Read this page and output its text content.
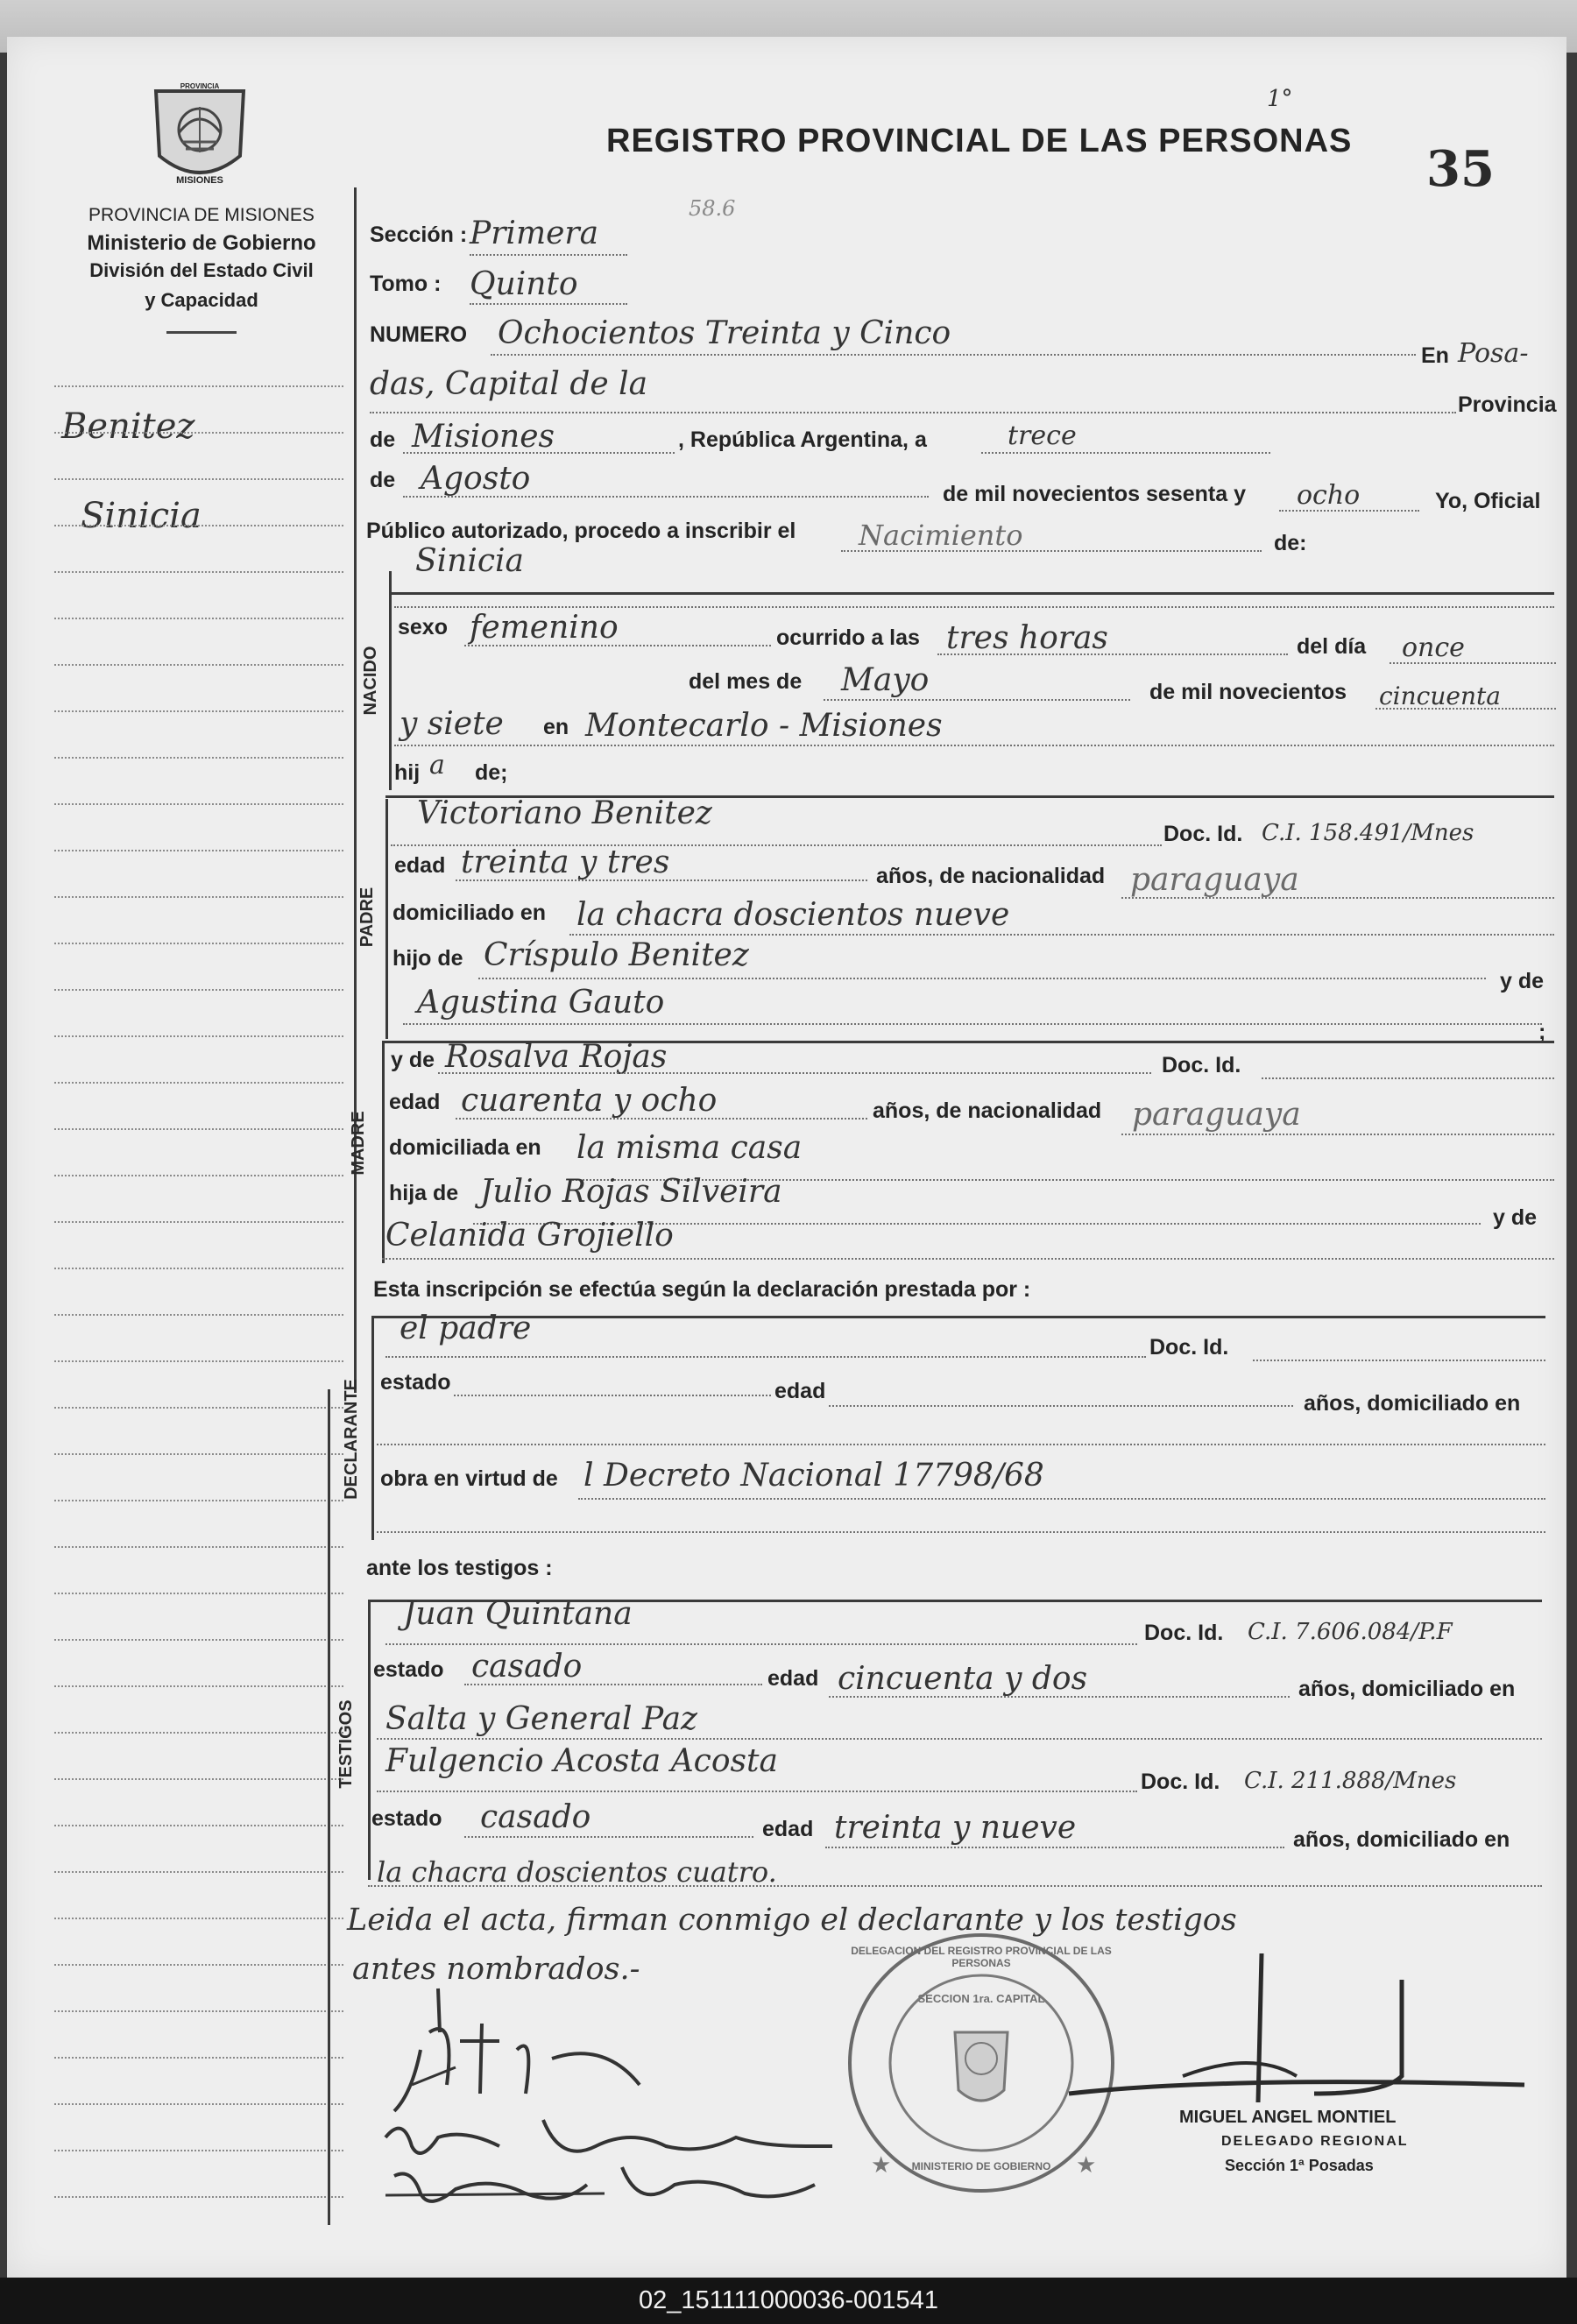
PROVINCIA
MISIONES
PROVINCIA DE MISIONES
Ministerio de Gobierno
División del Estado Civil
y Capacidad
REGISTRO PROVINCIAL DE LAS PERSONAS 35
1°
58.6
Benitez
Sinicia
NACIDO
PADRE
MADRE
DECLARANTE
TESTIGOS
Sección : Primera
Tomo : Quinto
NUMERO Ochocientos Treinta y Cinco
En Posa-
das, Capital de la
Provincia
de Misiones	, República Argentina, a	trece
de Agosto	de mil novecientos sesenta y ocho	Yo, Oficial
Público autorizado, procedo a inscribir el Nacimiento	de:
Sinicia
sexo femenino	ocurrido a las tres horas	del día once
del mes de Mayo	de mil novecientos cincuenta
y siete en Montecarlo - Misiones
hij a de;
Victoriano Benitez
Doc. Id. C.I. 158.491/Mnes
edad treinta y tres	años, de nacionalidad paraguaya
domiciliado en la chacra doscientos nueve
hijo de Críspulo Benitez
y de
Agustina Gauto
;
y de Rosalva Rojas	Doc. Id.
edad cuarenta y ocho	años, de nacionalidad paraguaya
domiciliada en la misma casa
hija de Julio Rojas Silveira
y de
Celanida Grojiello
Esta inscripción se efectúa según la declaración prestada por :
el padre
Doc. Id.
estado	edad	años, domiciliado en
obra en virtud de l Decreto Nacional 17798/68
ante los testigos :
Juan Quintana
Doc. Id. C.I. 7.606.084/P.F
estado casado	edad cincuenta y dos	años, domiciliado en
Salta y General Paz
Fulgencio Acosta Acosta
Doc. Id. C.I. 211.888/Mnes
estado casado	edad treinta y nueve	años, domiciliado en
la chacra doscientos cuatro.
Leida el acta, firman conmigo el declarante y los testigos
antes nombrados.-
★	★
DELEGACION DEL REGISTRO PROVINCIAL DE LAS PERSONAS
SECCION 1ra. CAPITAL
MINISTERIO DE GOBIERNO
MIGUEL ANGEL MONTIEL
DELEGADO REGIONAL
Sección 1ª Posadas
02_151111000036-001541
